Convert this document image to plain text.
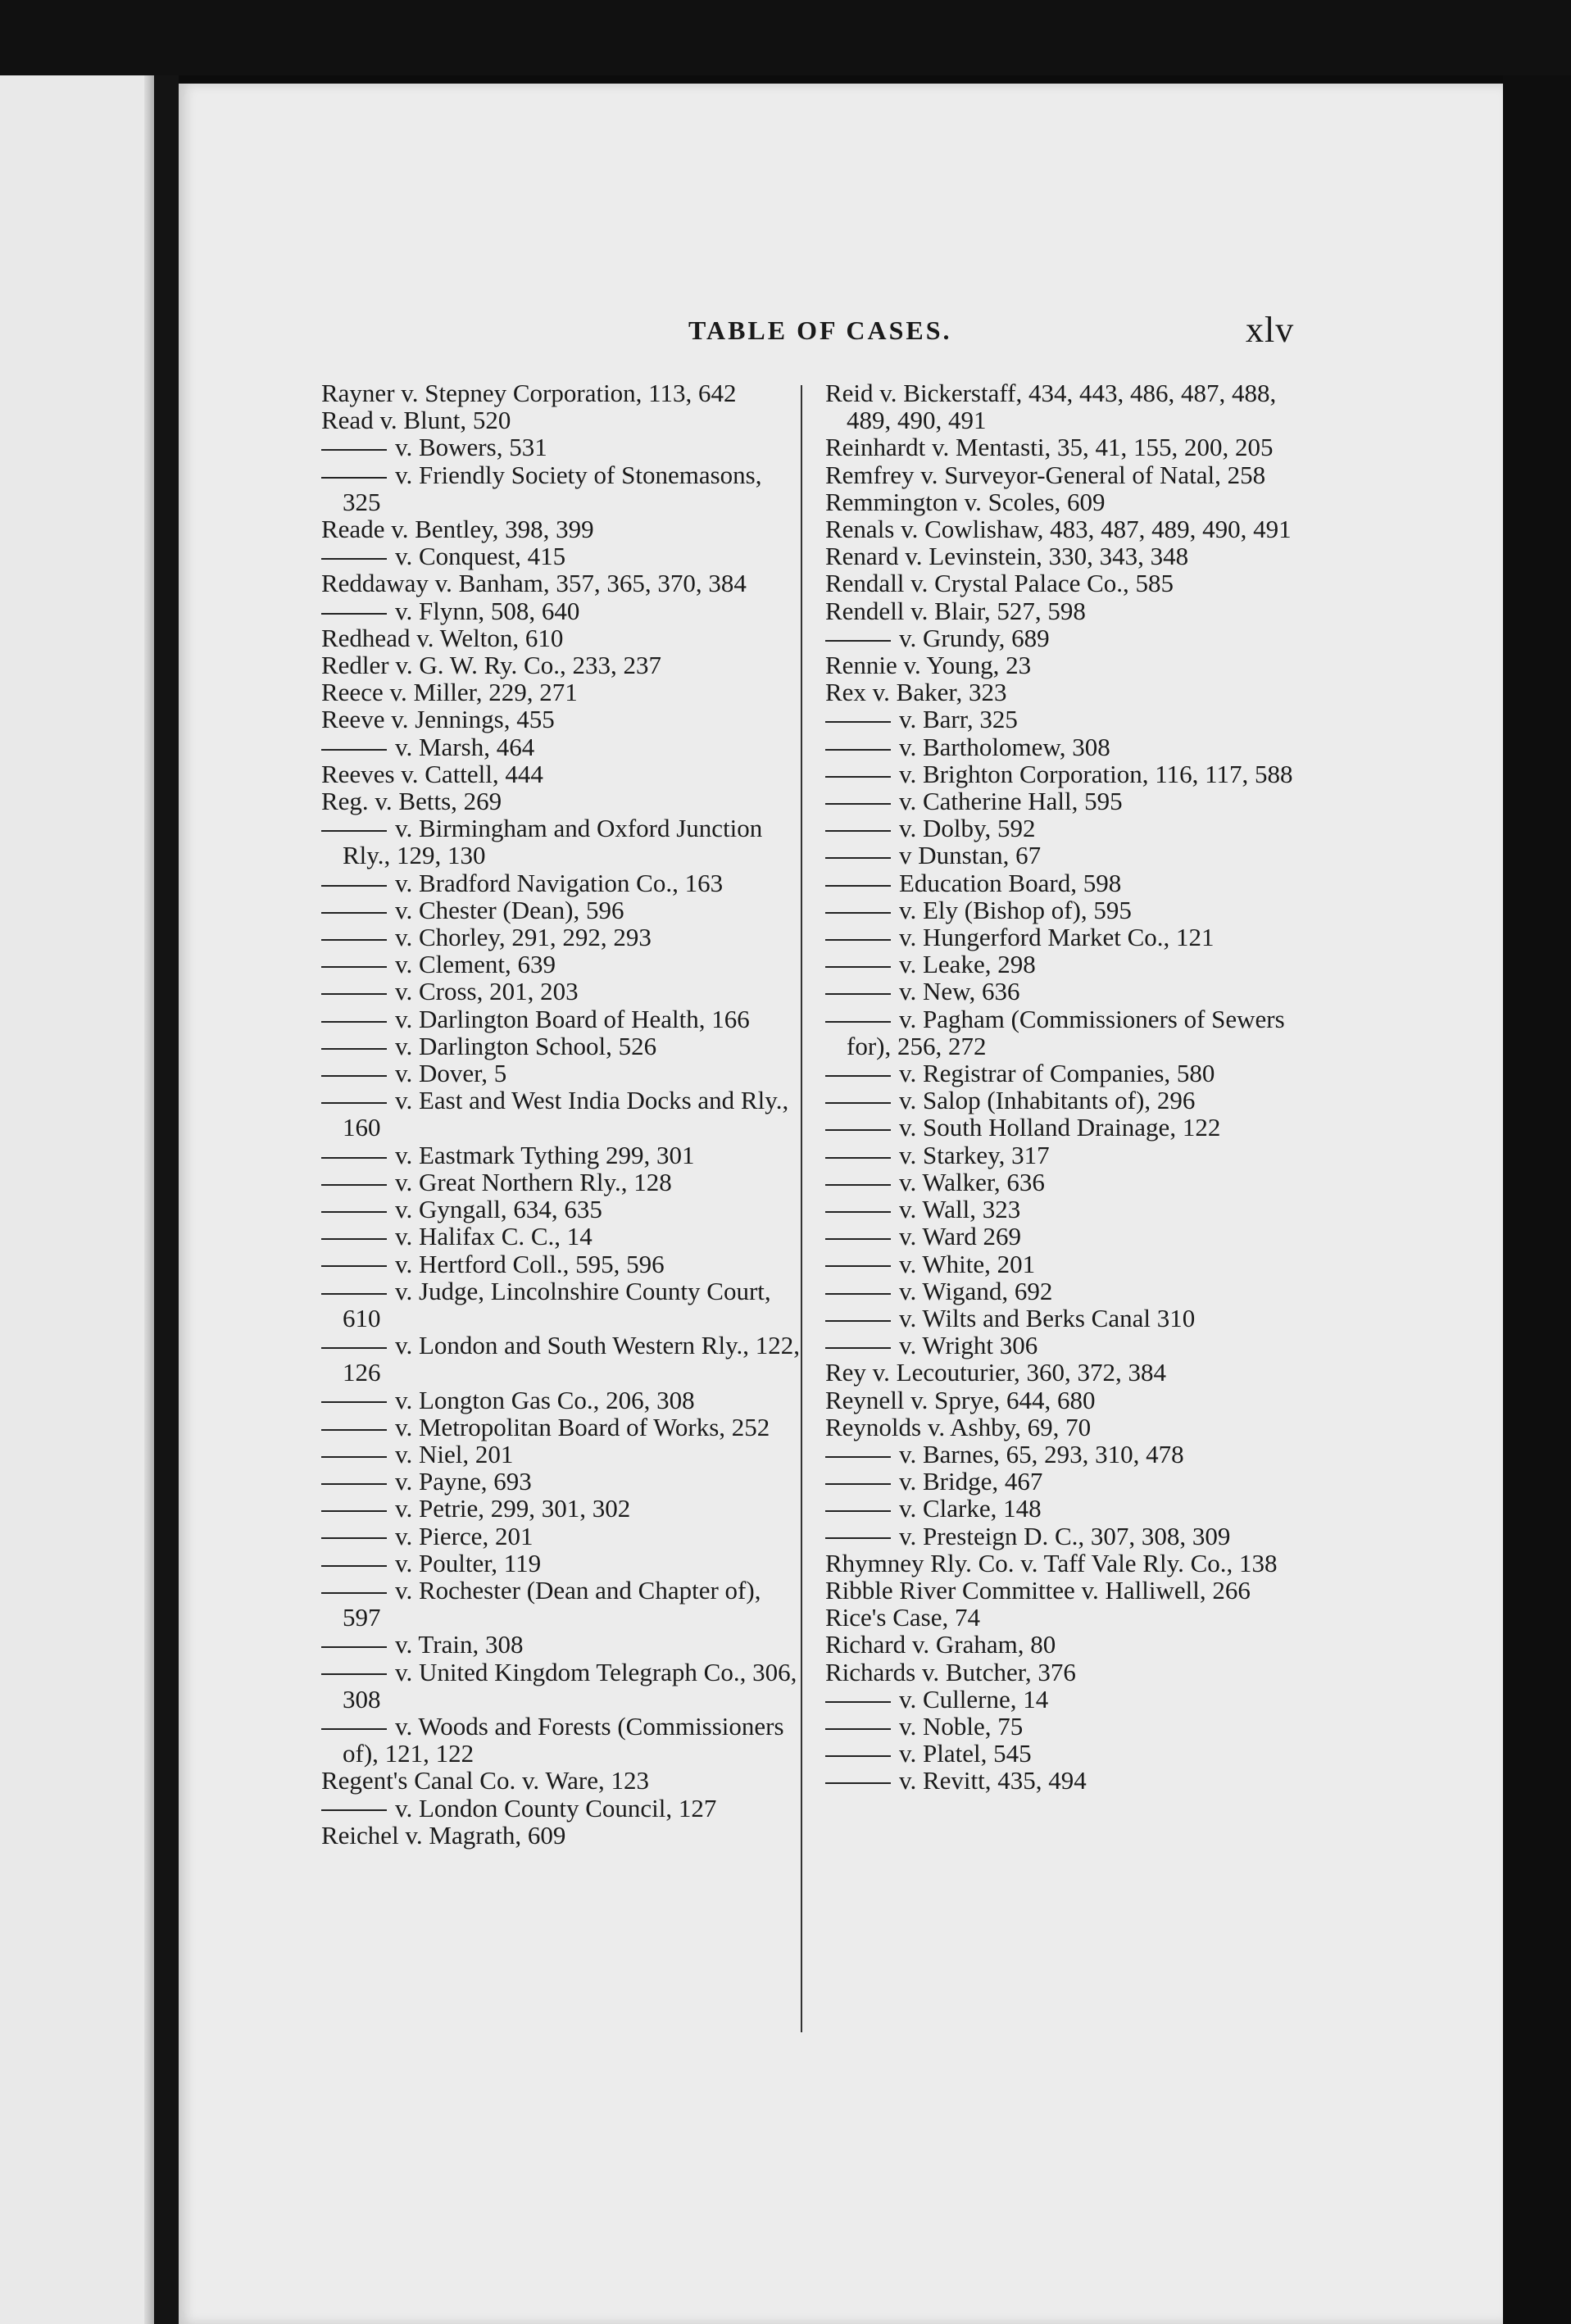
TABLE OF CASES.	xlv

Rayner v. Stepney Corporation, 113, 642

Read v. Blunt, 520

v. Bowers, 531

v. Friendly Society of Stonemasons, 325

Reade v. Bentley, 398, 399

v. Conquest, 415

Reddaway v. Banham, 357, 365, 370, 384

v. Flynn, 508, 640

Redhead v. Welton, 610

Redler v. G. W. Ry. Co., 233, 237

Reece v. Miller, 229, 271

Reeve v. Jennings, 455

v. Marsh, 464

Reeves v. Cattell, 444

Reg. v. Betts, 269

v. Birmingham and Oxford Junction Rly., 129, 130

v. Bradford Navigation Co., 163

v. Chester (Dean), 596

v. Chorley, 291, 292, 293

v. Clement, 639

v. Cross, 201, 203

v. Darlington Board of Health, 166

v. Darlington School, 526

v. Dover, 5

v. East and West India Docks and Rly., 160

v. Eastmark Tything 299, 301

v. Great Northern Rly., 128

v. Gyngall, 634, 635

v. Halifax C. C., 14

v. Hertford Coll., 595, 596

v. Judge, Lincolnshire County Court, 610

v. London and South Western Rly., 122, 126

v. Longton Gas Co., 206, 308

v. Metropolitan Board of Works, 252

v. Niel, 201

v. Payne, 693

v. Petrie, 299, 301, 302

v. Pierce, 201

v. Poulter, 119

v. Rochester (Dean and Chapter of), 597

v. Train, 308

v. United Kingdom Telegraph Co., 306, 308

v. Woods and Forests (Commissioners of), 121, 122

Regent's Canal Co. v. Ware, 123

v. London County Council, 127

Reichel v. Magrath, 609

Reid v. Bickerstaff, 434, 443, 486, 487, 488, 489, 490, 491

Reinhardt v. Mentasti, 35, 41, 155, 200, 205

Remfrey v. Surveyor-General of Natal, 258

Remmington v. Scoles, 609

Renals v. Cowlishaw, 483, 487, 489, 490, 491

Renard v. Levinstein, 330, 343, 348

Rendall v. Crystal Palace Co., 585

Rendell v. Blair, 527, 598

v. Grundy, 689

Rennie v. Young, 23

Rex v. Baker, 323

v. Barr, 325

v. Bartholomew, 308

v. Brighton Corporation, 116, 117, 588

v. Catherine Hall, 595

v. Dolby, 592

v Dunstan, 67

Education Board, 598

v. Ely (Bishop of), 595

v. Hungerford Market Co., 121

v. Leake, 298

v. New, 636

v. Pagham (Commissioners of Sewers for), 256, 272

v. Registrar of Companies, 580

v. Salop (Inhabitants of), 296

v. South Holland Drainage, 122

v. Starkey, 317

v. Walker, 636

v. Wall, 323

v. Ward 269

v. White, 201

v. Wigand, 692

v. Wilts and Berks Canal 310

v. Wright 306

Rey v. Lecouturier, 360, 372, 384

Reynell v. Sprye, 644, 680

Reynolds v. Ashby, 69, 70

v. Barnes, 65, 293, 310, 478

v. Bridge, 467

v. Clarke, 148

v. Presteign D. C., 307, 308, 309

Rhymney Rly. Co. v. Taff Vale Rly. Co., 138

Ribble River Committee v. Halliwell, 266

Rice's Case, 74

Richard v. Graham, 80

Richards v. Butcher, 376

v. Cullerne, 14

v. Noble, 75

v. Platel, 545

v. Revitt, 435, 494
